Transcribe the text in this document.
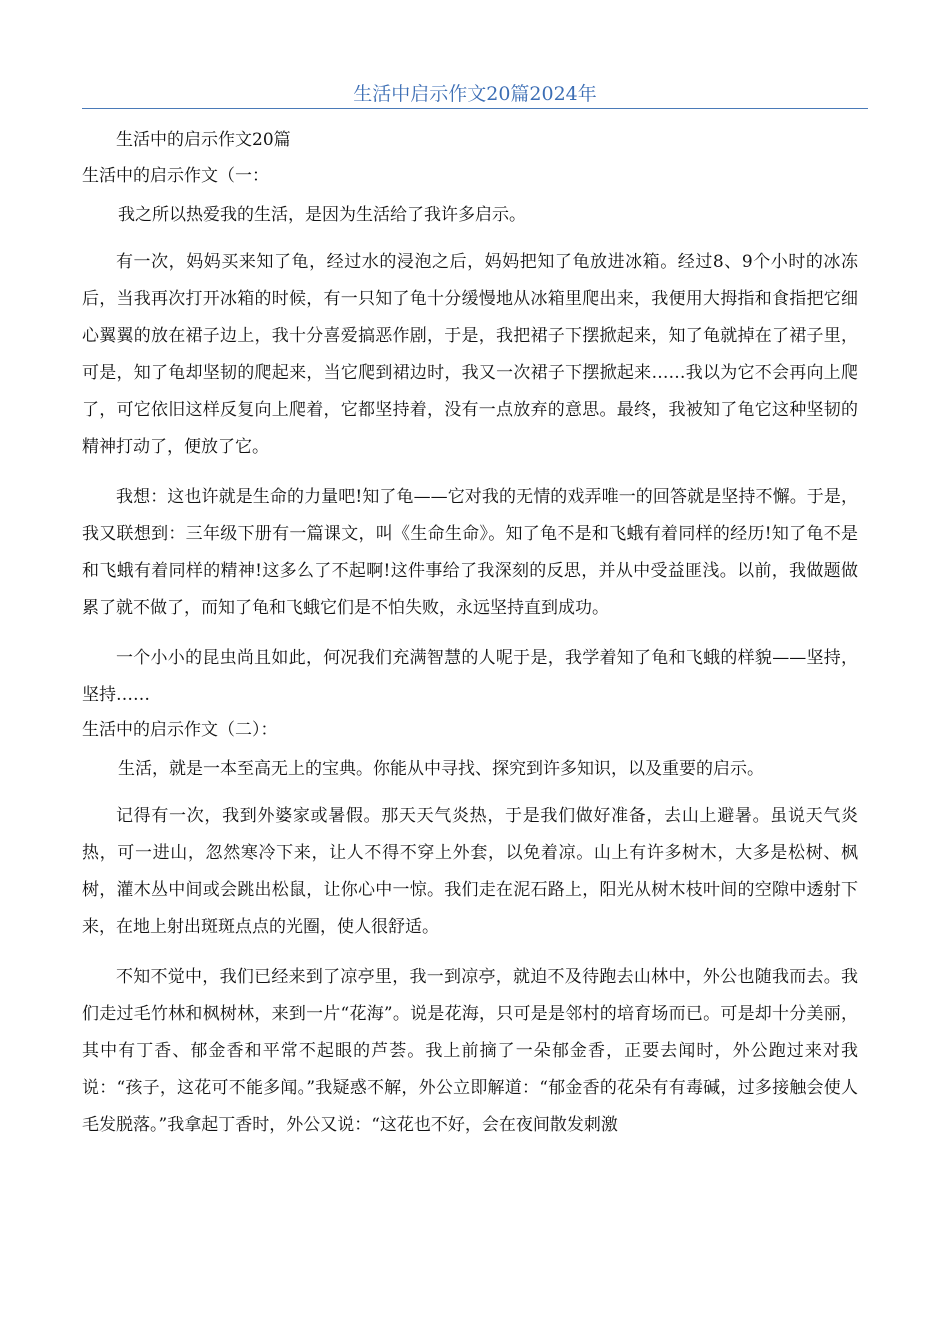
生活中启示作文20篇2024年

生活中的启示作文20篇

生活中的启示作文（一：

我之所以热爱我的生活，是因为生活给了我许多启示。

有一次，妈妈买来知了龟，经过水的浸泡之后，妈妈把知了龟放进冰箱。经过8、9个小时的冰冻后，当我再次打开冰箱的时候，有一只知了龟十分缓慢地从冰箱里爬出来，我便用大拇指和食指把它细心翼翼的放在裙子边上，我十分喜爱搞恶作剧，于是，我把裙子下摆掀起来，知了龟就掉在了裙子里，可是，知了龟却坚韧的爬起来，当它爬到裙边时，我又一次裙子下摆掀起来……我以为它不会再向上爬了，可它依旧这样反复向上爬着，它都坚持着，没有一点放弃的意思。最终，我被知了龟它这种坚韧的精神打动了，便放了它。

我想：这也许就是生命的力量吧!知了龟——它对我的无情的戏弄唯一的回答就是坚持不懈。于是，我又联想到：三年级下册有一篇课文，叫《生命生命》。知了龟不是和飞蛾有着同样的经历!知了龟不是和飞蛾有着同样的精神!这多么了不起啊!这件事给了我深刻的反思，并从中受益匪浅。以前，我做题做累了就不做了，而知了龟和飞蛾它们是不怕失败，永远坚持直到成功。

一个小小的昆虫尚且如此，何况我们充满智慧的人呢于是，我学着知了龟和飞蛾的样貌——坚持，坚持……

生活中的启示作文（二）：

生活，就是一本至高无上的宝典。你能从中寻找、探究到许多知识，以及重要的启示。

记得有一次，我到外婆家或暑假。那天天气炎热，于是我们做好准备，去山上避暑。虽说天气炎热，可一进山，忽然寒冷下来，让人不得不穿上外套，以免着凉。山上有许多树木，大多是松树、枫树，灌木丛中间或会跳出松鼠，让你心中一惊。我们走在泥石路上，阳光从树木枝叶间的空隙中透射下来，在地上射出斑斑点点的光圈，使人很舒适。

不知不觉中，我们已经来到了凉亭里，我一到凉亭，就迫不及待跑去山林中，外公也随我而去。我们走过毛竹林和枫树林，来到一片“花海”。说是花海，只可是是邻村的培育场而已。可是却十分美丽，其中有丁香、郁金香和平常不起眼的芦荟。我上前摘了一朵郁金香，正要去闻时，外公跑过来对我说：“孩子，这花可不能多闻。”我疑惑不解，外公立即解道：“郁金香的花朵有有毒碱，过多接触会使人毛发脱落。”我拿起丁香时，外公又说：“这花也不好，会在夜间散发刺激
